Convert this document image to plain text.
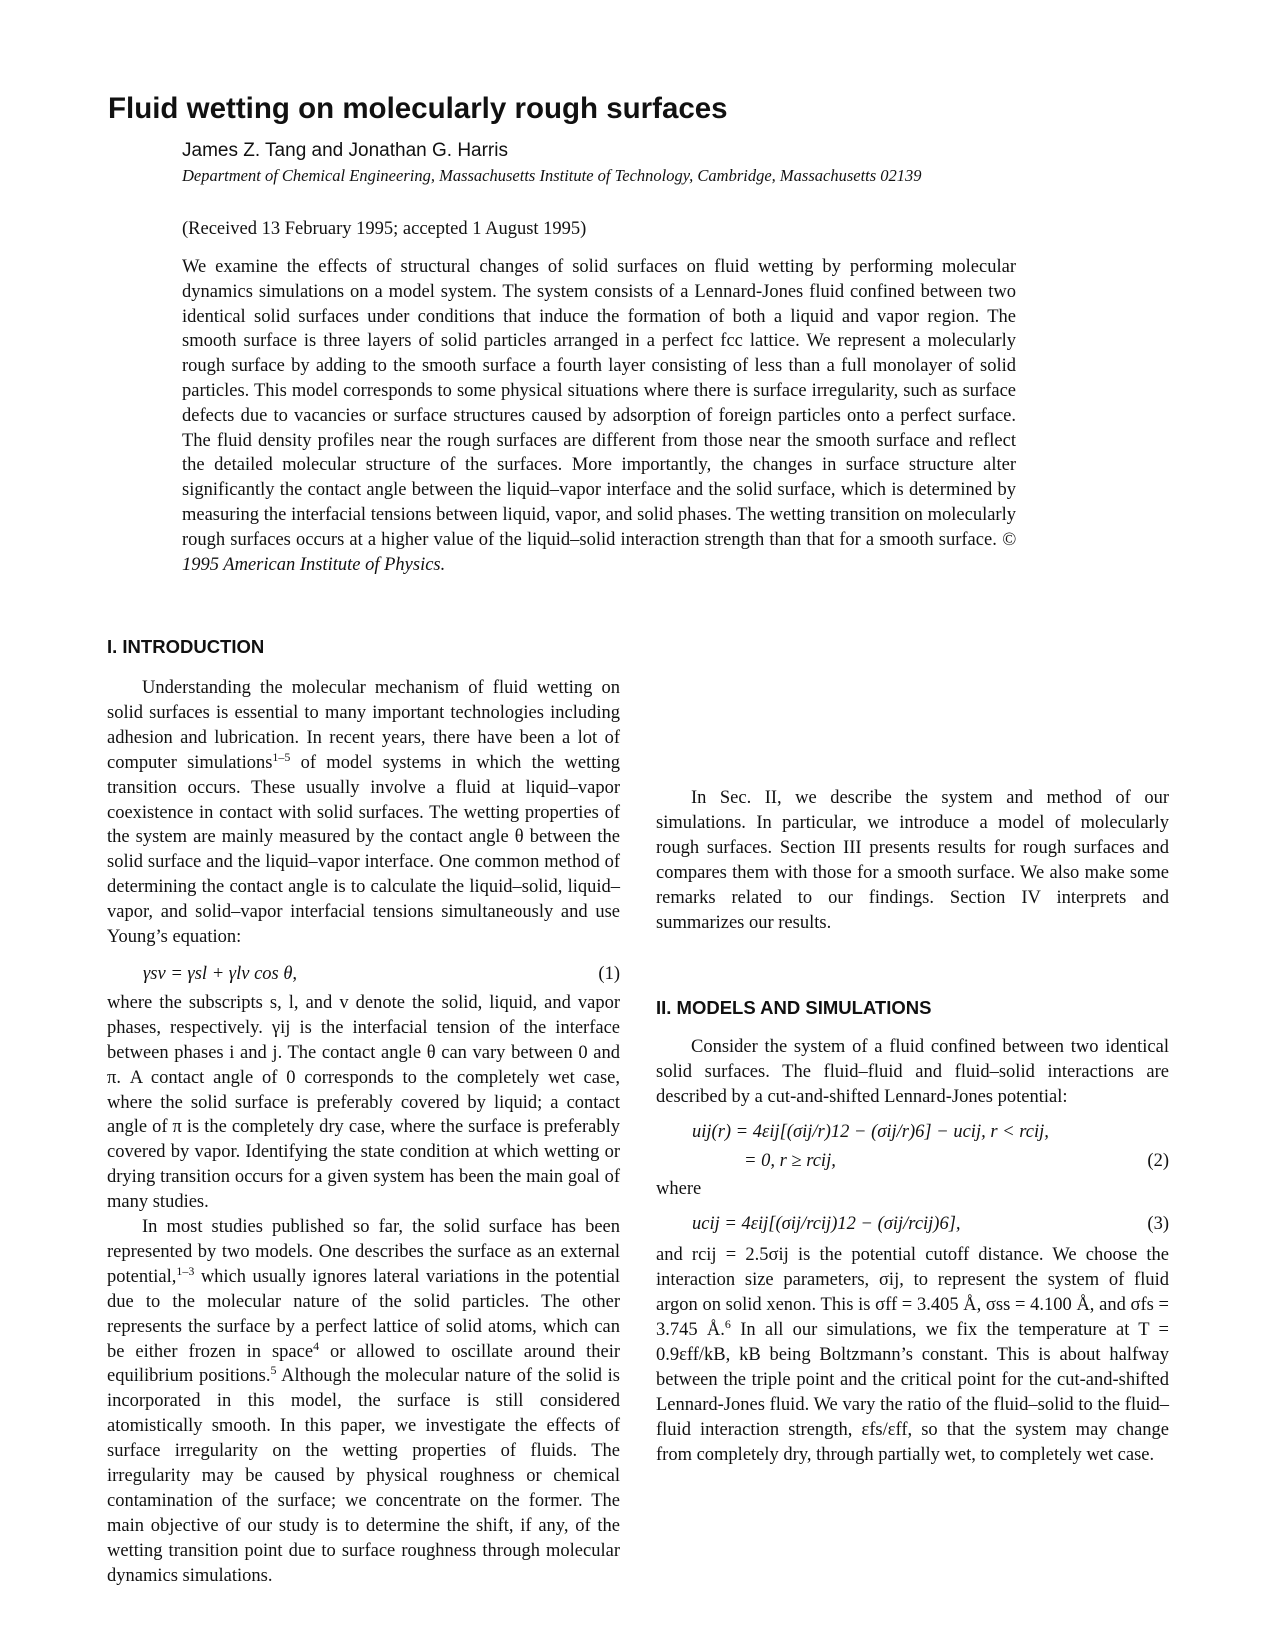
Fluid wetting on molecularly rough surfaces
James Z. Tang and Jonathan G. Harris
Department of Chemical Engineering, Massachusetts Institute of Technology, Cambridge, Massachusetts 02139
(Received 13 February 1995; accepted 1 August 1995)
We examine the effects of structural changes of solid surfaces on fluid wetting by performing molecular dynamics simulations on a model system. The system consists of a Lennard-Jones fluid confined between two identical solid surfaces under conditions that induce the formation of both a liquid and vapor region. The smooth surface is three layers of solid particles arranged in a perfect fcc lattice. We represent a molecularly rough surface by adding to the smooth surface a fourth layer consisting of less than a full monolayer of solid particles. This model corresponds to some physical situations where there is surface irregularity, such as surface defects due to vacancies or surface structures caused by adsorption of foreign particles onto a perfect surface. The fluid density profiles near the rough surfaces are different from those near the smooth surface and reflect the detailed molecular structure of the surfaces. More importantly, the changes in surface structure alter significantly the contact angle between the liquid–vapor interface and the solid surface, which is determined by measuring the interfacial tensions between liquid, vapor, and solid phases. The wetting transition on molecularly rough surfaces occurs at a higher value of the liquid–solid interaction strength than that for a smooth surface. © 1995 American Institute of Physics.
I. INTRODUCTION

Understanding the molecular mechanism of fluid wetting on solid surfaces is essential to many important technologies including adhesion and lubrication. In recent years, there have been a lot of computer simulations$^{1-5}$ of model systems in which the wetting transition occurs. These usually involve a fluid at liquid–vapor coexistence in contact with solid surfaces. The wetting properties of the system are mainly measured by the contact angle θ between the solid surface and the liquid–vapor interface. One common method of determining the contact angle is to calculate the liquid–solid, liquid–vapor, and solid–vapor interfacial tensions simultaneously and use Young’s equation:

γsv = γsl + γlv cos θ,	(1)

where the subscripts s, l, and v denote the solid, liquid, and vapor phases, respectively. γij is the interfacial tension of the interface between phases i and j. The contact angle θ can vary between 0 and π. A contact angle of 0 corresponds to the completely wet case, where the solid surface is preferably covered by liquid; a contact angle of π is the completely dry case, where the surface is preferably covered by vapor. Identifying the state condition at which wetting or drying transition occurs for a given system has been the main goal of many studies.

In most studies published so far, the solid surface has been represented by two models. One describes the surface as an external potential,$^{1-3}$ which usually ignores lateral variations in the potential due to the molecular nature of the solid particles. The other represents the surface by a perfect lattice of solid atoms, which can be either frozen in space$^4$ or allowed to oscillate around their equilibrium positions.$^5$ Although the molecular nature of the solid is incorporated in this model, the surface is still considered atomistically smooth. In this paper, we investigate the effects of surface irregularity on the wetting properties of fluids. The irregularity may be caused by physical roughness or chemical contamination of the surface; we concentrate on the former. The main objective of our study is to determine the shift, if any, of the wetting transition point due to surface roughness through molecular dynamics simulations.

In Sec. II, we describe the system and method of our simulations. In particular, we introduce a model of molecularly rough surfaces. Section III presents results for rough surfaces and compares them with those for a smooth surface. We also make some remarks related to our findings. Section IV interprets and summarizes our results.

II. MODELS AND SIMULATIONS

Consider the system of a fluid confined between two identical solid surfaces. The fluid–fluid and fluid–solid interactions are described by a cut-and-shifted Lennard-Jones potential:

uij(r) = 4εij[(σij/r)12 − (σij/r)6] − ucij, r < rcij,
= 0, r ≥ rcij,	(2)
where
ucij = 4εij[(σij/rcij)12 − (σij/rcij)6],	(3)

and rcij = 2.5σij is the potential cutoff distance. We choose the interaction size parameters, σij, to represent the system of fluid argon on solid xenon. This is σff = 3.405 Å, σss = 4.100 Å, and σfs = 3.745 Å.$^6$ In all our simulations, we fix the temperature at T = 0.9εff/kB, kB being Boltzmann’s constant. This is about halfway between the triple point and the critical point for the cut-and-shifted Lennard-Jones fluid. We vary the ratio of the fluid–solid to the fluid–fluid interaction strength, εfs/εff, so that the system may change from completely dry, through partially wet, to completely wet case.
